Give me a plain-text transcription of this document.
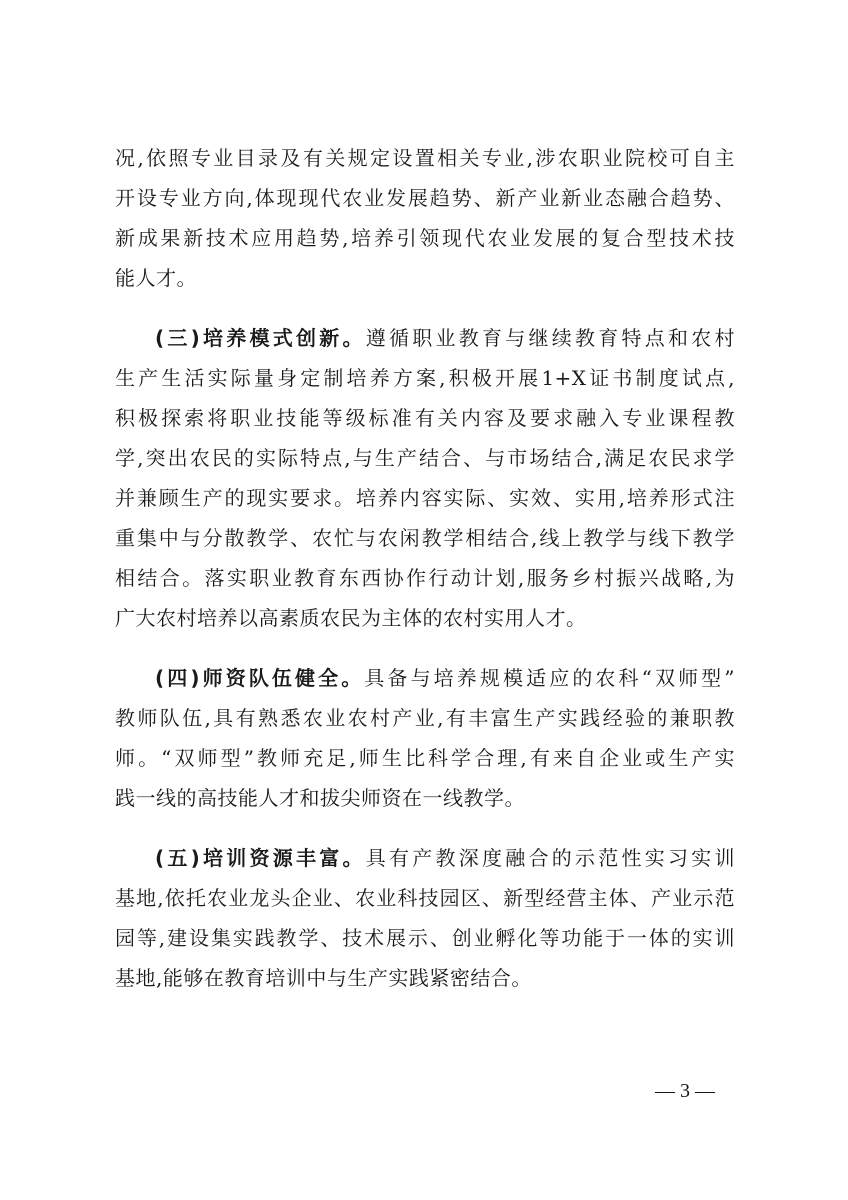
况,依照专业目录及有关规定设置相关专业,涉农职业院校可自主
开设专业方向,体现现代农业发展趋势、新产业新业态融合趋势、
新成果新技术应用趋势,培养引领现代农业发展的复合型技术技
能人才。
(三)培养模式创新。遵循职业教育与继续教育特点和农村
生产生活实际量身定制培养方案,积极开展1+X证书制度试点,
积极探索将职业技能等级标准有关内容及要求融入专业课程教
学,突出农民的实际特点,与生产结合、与市场结合,满足农民求学
并兼顾生产的现实要求。培养内容实际、实效、实用,培养形式注
重集中与分散教学、农忙与农闲教学相结合,线上教学与线下教学
相结合。落实职业教育东西协作行动计划,服务乡村振兴战略,为
广大农村培养以高素质农民为主体的农村实用人才。
(四)师资队伍健全。具备与培养规模适应的农科“双师型”
教师队伍,具有熟悉农业农村产业,有丰富生产实践经验的兼职教
师。“双师型”教师充足,师生比科学合理,有来自企业或生产实
践一线的高技能人才和拔尖师资在一线教学。
(五)培训资源丰富。具有产教深度融合的示范性实习实训
基地,依托农业龙头企业、农业科技园区、新型经营主体、产业示范
园等,建设集实践教学、技术展示、创业孵化等功能于一体的实训
基地,能够在教育培训中与生产实践紧密结合。
— 3 —
